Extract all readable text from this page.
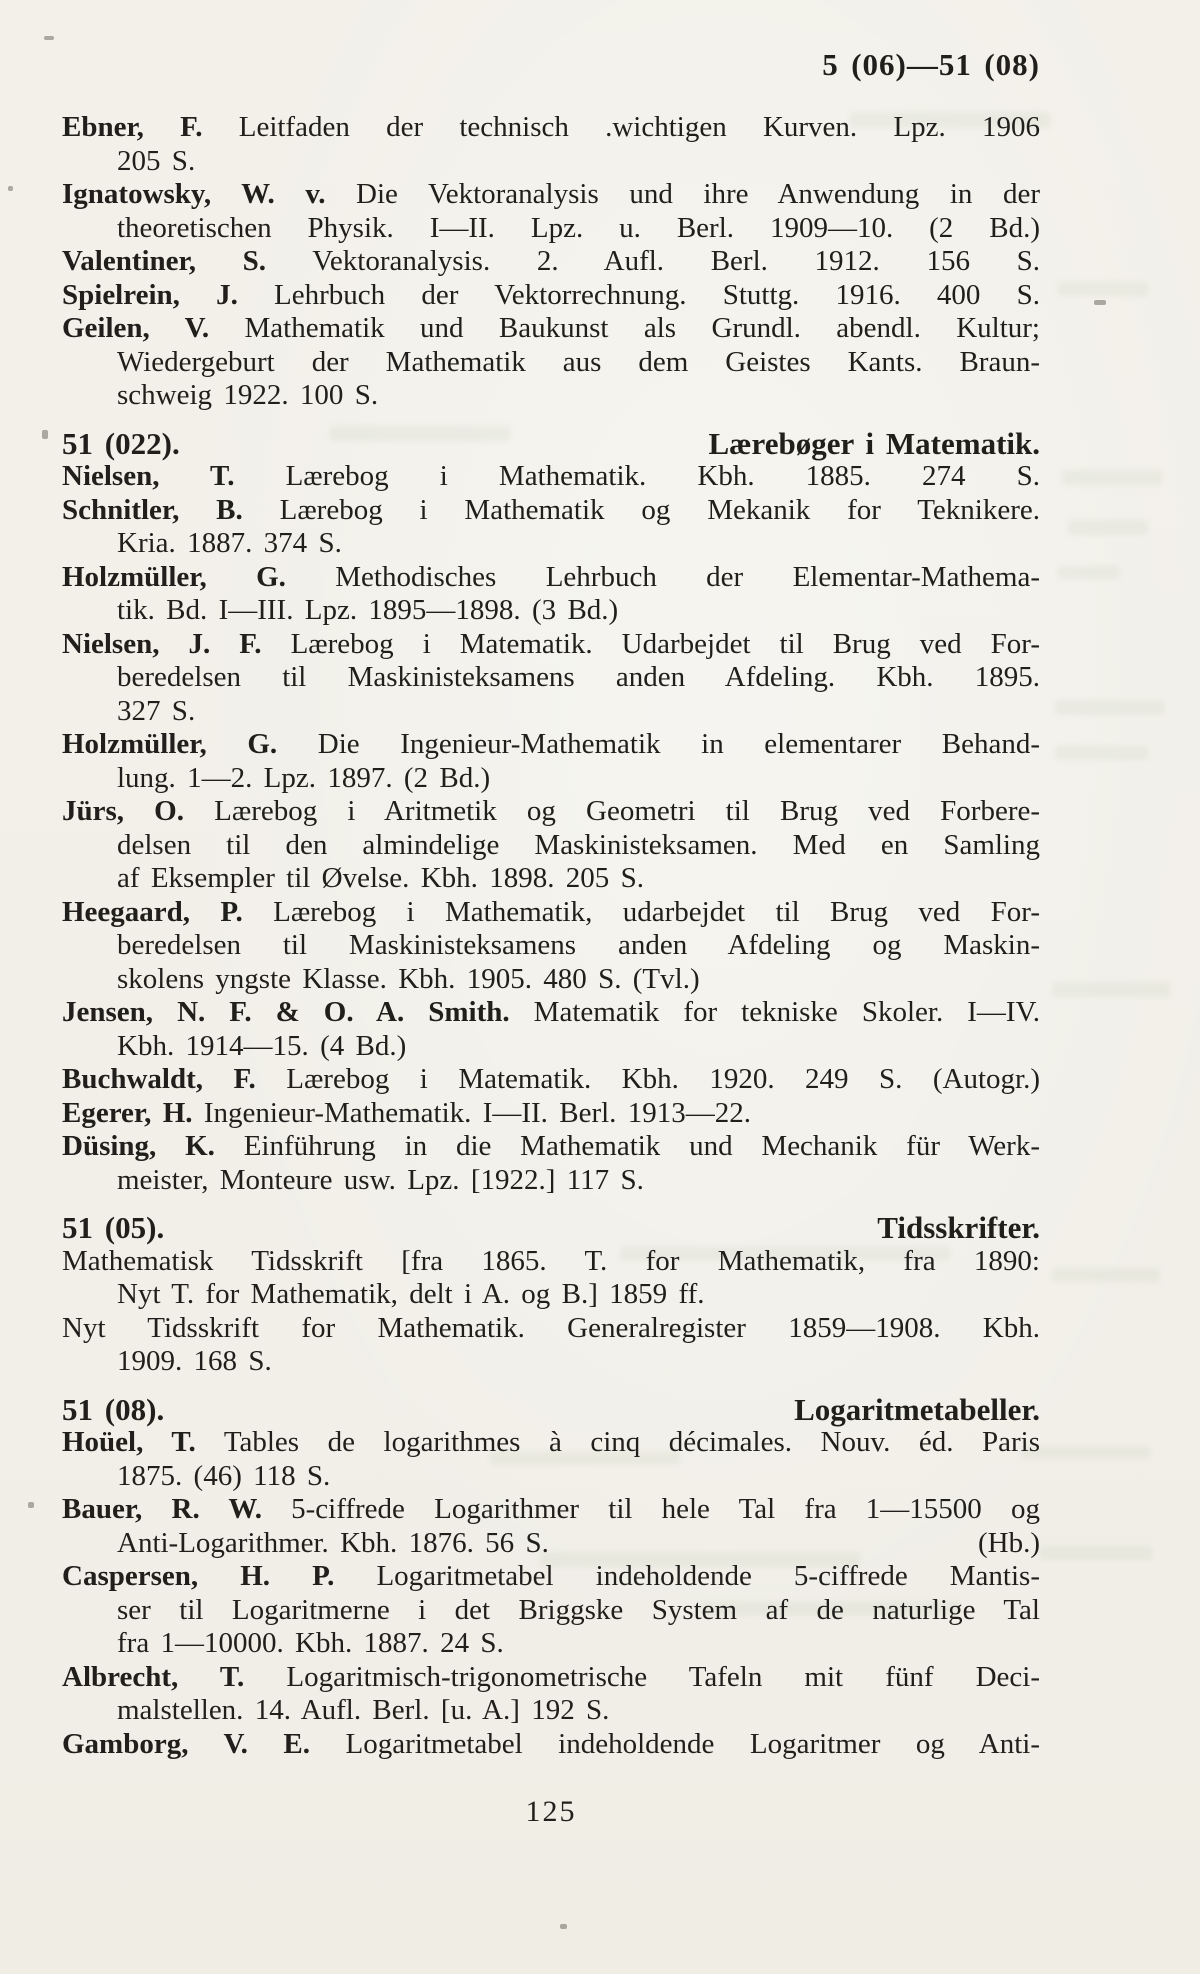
5 (06)—51 (08)
Ebner, F. Leitfaden der technisch .wichtigen Kurven. Lpz. 1906
205 S.
Ignatowsky, W. v. Die Vektoranalysis und ihre Anwendung in der
theoretischen Physik. I—II. Lpz. u. Berl. 1909—10. (2 Bd.)
Valentiner, S. Vektoranalysis. 2. Aufl. Berl. 1912. 156 S.
Spielrein, J. Lehrbuch der Vektorrechnung. Stuttg. 1916. 400 S.
Geilen, V. Mathematik und Baukunst als Grundl. abendl. Kultur;
Wiedergeburt der Mathematik aus dem Geistes Kants. Braun-
schweig 1922. 100 S.
51 (022).	Lærebøger i Matematik.
Nielsen, T. Lærebog i Mathematik. Kbh. 1885. 274 S.
Schnitler, B. Lærebog i Mathematik og Mekanik for Teknikere.
Kria. 1887. 374 S.
Holzmüller, G. Methodisches Lehrbuch der Elementar-Mathema-
tik. Bd. I—III. Lpz. 1895—1898. (3 Bd.)
Nielsen, J. F. Lærebog i Matematik. Udarbejdet til Brug ved For-
beredelsen til Maskinisteksamens anden Afdeling. Kbh. 1895.
327 S.
Holzmüller, G. Die Ingenieur-Mathematik in elementarer Behand-
lung. 1—2. Lpz. 1897. (2 Bd.)
Jürs, O. Lærebog i Aritmetik og Geometri til Brug ved Forbere-
delsen til den almindelige Maskinisteksamen. Med en Samling
af Eksempler til Øvelse. Kbh. 1898. 205 S.
Heegaard, P. Lærebog i Mathematik, udarbejdet til Brug ved For-
beredelsen til Maskinisteksamens anden Afdeling og Maskin-
skolens yngste Klasse. Kbh. 1905. 480 S. (Tvl.)
Jensen, N. F. & O. A. Smith. Matematik for tekniske Skoler. I—IV.
Kbh. 1914—15. (4 Bd.)
Buchwaldt, F. Lærebog i Matematik. Kbh. 1920. 249 S. (Autogr.)
Egerer, H. Ingenieur-Mathematik. I—II. Berl. 1913—22.
Düsing, K. Einführung in die Mathematik und Mechanik für Werk-
meister, Monteure usw. Lpz. [1922.] 117 S.
51 (05).	Tidsskrifter.
Mathematisk Tidsskrift [fra 1865. T. for Mathematik, fra 1890:
Nyt T. for Mathematik, delt i A. og B.] 1859 ff.
Nyt Tidsskrift for Mathematik. Generalregister 1859—1908. Kbh.
1909. 168 S.
51 (08).	Logaritmetabeller.
Hoüel, T. Tables de logarithmes à cinq décimales. Nouv. éd. Paris
1875. (46) 118 S.
Bauer, R. W. 5-ciffrede Logarithmer til hele Tal fra 1—15500 og
Anti-Logarithmer. Kbh. 1876. 56 S.	(Hb.)
Caspersen, H. P. Logaritmetabel indeholdende 5-ciffrede Mantis-
ser til Logaritmerne i det Briggske System af de naturlige Tal
fra 1—10000. Kbh. 1887. 24 S.
Albrecht, T. Logaritmisch-trigonometrische Tafeln mit fünf Deci-
malstellen. 14. Aufl. Berl. [u. A.] 192 S.
Gamborg, V. E. Logaritmetabel indeholdende Logaritmer og Anti-
125
